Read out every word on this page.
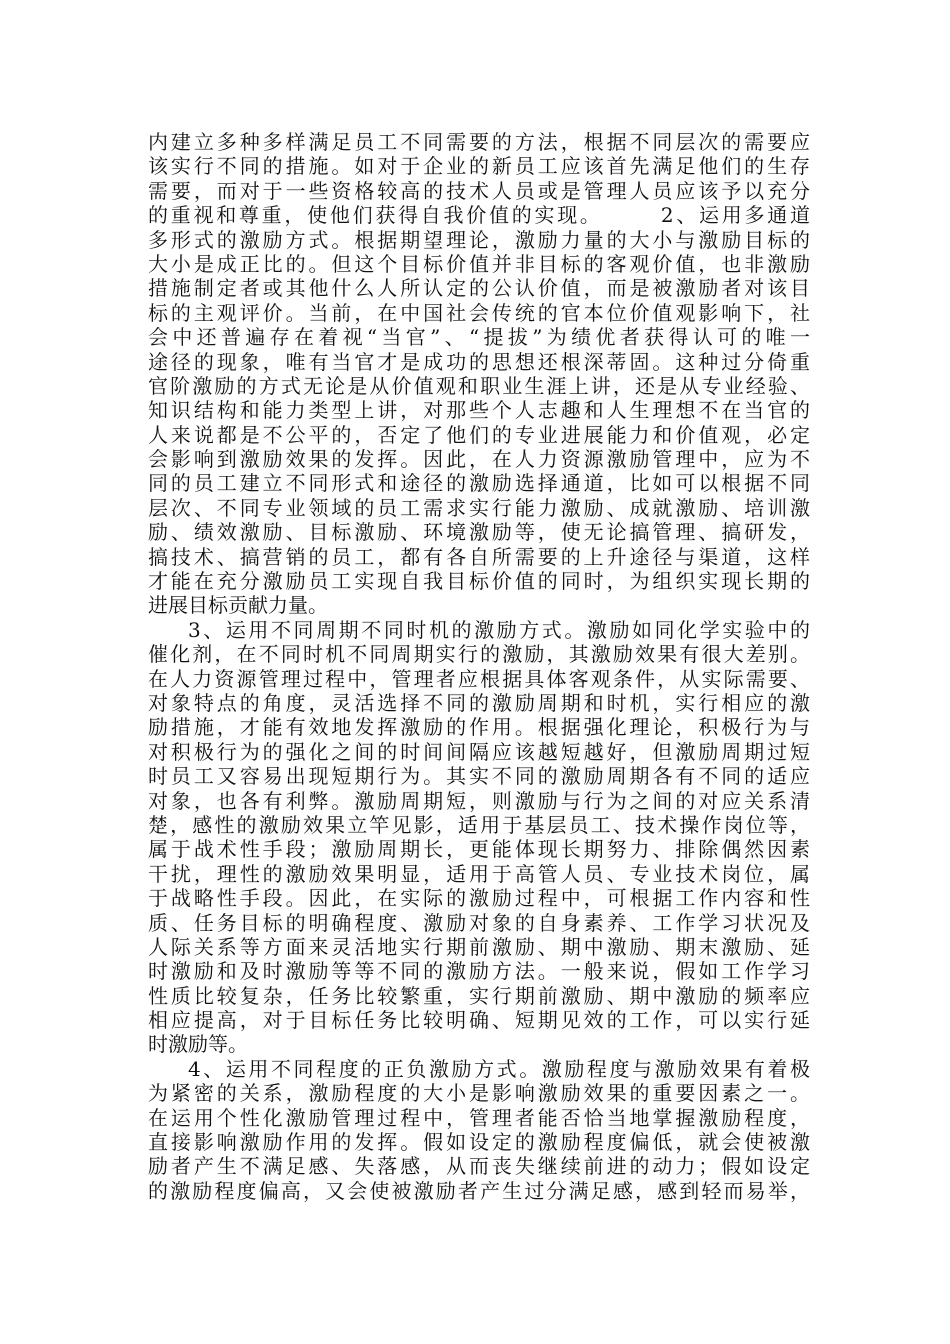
内建立多种多样满足员工不同需要的方法，根据不同层次的需要应
该实行不同的措施。如对于企业的新员工应该首先满足他们的生存
需要，而对于一些资格较高的技术人员或是管理人员应该予以充分
的重视和尊重，使他们获得自我价值的实现。　　　2、运用多通道
多形式的激励方式。根据期望理论，激励力量的大小与激励目标的
大小是成正比的。但这个目标价值并非目标的客观价值，也非激励
措施制定者或其他什么人所认定的公认价值，而是被激励者对该目
标的主观评价。当前，在中国社会传统的官本位价值观影响下，社
会中还普遍存在着视“当官”、“提拔”为绩优者获得认可的唯一
途径的现象，唯有当官才是成功的思想还根深蒂固。这种过分倚重
官阶激励的方式无论是从价值观和职业生涯上讲，还是从专业经验、
知识结构和能力类型上讲，对那些个人志趣和人生理想不在当官的
人来说都是不公平的，否定了他们的专业进展能力和价值观，必定
会影响到激励效果的发挥。因此，在人力资源激励管理中，应为不
同的员工建立不同形式和途径的激励选择通道，比如可以根据不同
层次、不同专业领域的员工需求实行能力激励、成就激励、培训激
励、绩效激励、目标激励、环境激励等，使无论搞管理、搞研发，
搞技术、搞营销的员工，都有各自所需要的上升途径与渠道，这样
才能在充分激励员工实现自我目标价值的同时，为组织实现长期的
进展目标贡献力量。
3、运用不同周期不同时机的激励方式。激励如同化学实验中的
催化剂，在不同时机不同周期实行的激励，其激励效果有很大差别。
在人力资源管理过程中，管理者应根据具体客观条件，从实际需要、
对象特点的角度，灵活选择不同的激励周期和时机，实行相应的激
励措施，才能有效地发挥激励的作用。根据强化理论，积极行为与
对积极行为的强化之间的时间间隔应该越短越好，但激励周期过短
时员工又容易出现短期行为。其实不同的激励周期各有不同的适应
对象，也各有利弊。激励周期短，则激励与行为之间的对应关系清
楚，感性的激励效果立竿见影，适用于基层员工、技术操作岗位等，
属于战术性手段；激励周期长，更能体现长期努力、排除偶然因素
干扰，理性的激励效果明显，适用于高管人员、专业技术岗位，属
于战略性手段。因此，在实际的激励过程中，可根据工作内容和性
质、任务目标的明确程度、激励对象的自身素养、工作学习状况及
人际关系等方面来灵活地实行期前激励、期中激励、期末激励、延
时激励和及时激励等等不同的激励方法。一般来说，假如工作学习
性质比较复杂，任务比较繁重，实行期前激励、期中激励的频率应
相应提高，对于目标任务比较明确、短期见效的工作，可以实行延
时激励等。
4、运用不同程度的正负激励方式。激励程度与激励效果有着极
为紧密的关系，激励程度的大小是影响激励效果的重要因素之一。
在运用个性化激励管理过程中，管理者能否恰当地掌握激励程度，
直接影响激励作用的发挥。假如设定的激励程度偏低，就会使被激
励者产生不满足感、失落感，从而丧失继续前进的动力；假如设定
的激励程度偏高，又会使被激励者产生过分满足感，感到轻而易举，
